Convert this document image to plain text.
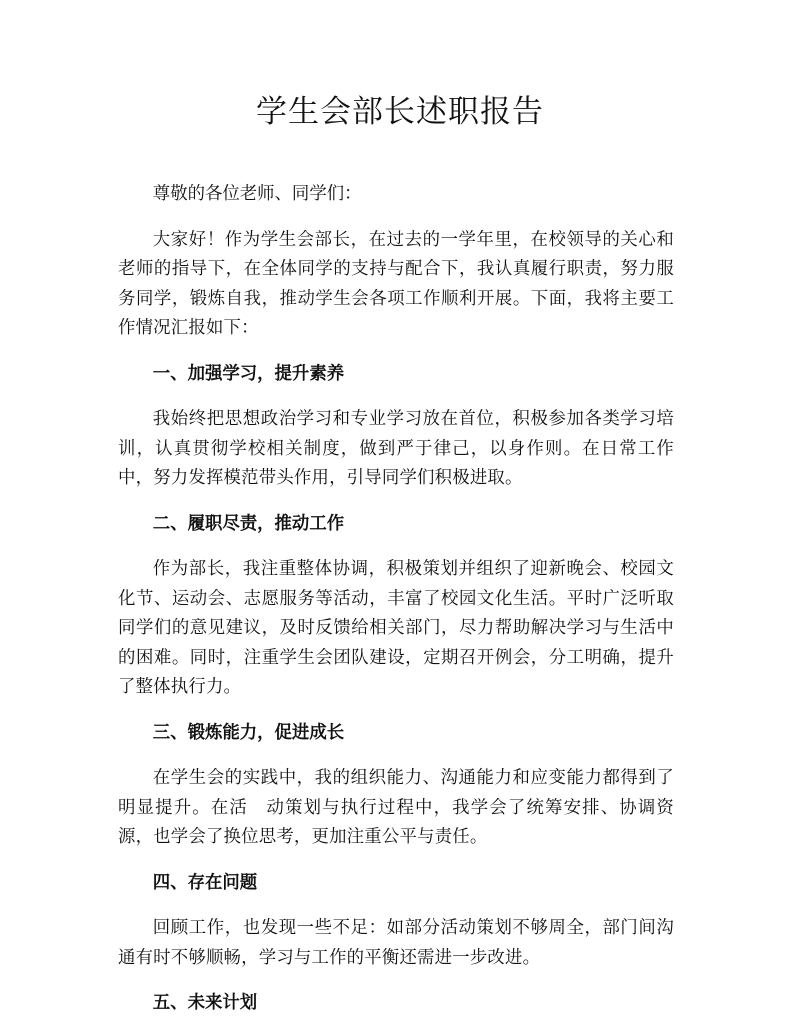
学生会部长述职报告

尊敬的各位老师、同学们：

大家好！作为学生会部长，在过去的一学年里，在校领导的关心和老师的指导下，在全体同学的支持与配合下，我认真履行职责，努力服务同学，锻炼自我，推动学生会各项工作顺利开展。下面，我将主要工作情况汇报如下：

一、加强学习，提升素养

我始终把思想政治学习和专业学习放在首位，积极参加各类学习培训，认真贯彻学校相关制度，做到严于律己，以身作则。在日常工作中，努力发挥模范带头作用，引导同学们积极进取。

二、履职尽责，推动工作

作为部长，我注重整体协调，积极策划并组织了迎新晚会、校园文化节、运动会、志愿服务等活动，丰富了校园文化生活。平时广泛听取同学们的意见建议，及时反馈给相关部门，尽力帮助解决学习与生活中的困难。同时，注重学生会团队建设，定期召开例会，分工明确，提升了整体执行力。

三、锻炼能力，促进成长

在学生会的实践中，我的组织能力、沟通能力和应变能力都得到了明显提升。在活　动策划与执行过程中，我学会了统筹安排、协调资源，也学会了换位思考，更加注重公平与责任。

四、存在问题

回顾工作，也发现一些不足：如部分活动策划不够周全，部门间沟通有时不够顺畅，学习与工作的平衡还需进一步改进。

五、未来计划
